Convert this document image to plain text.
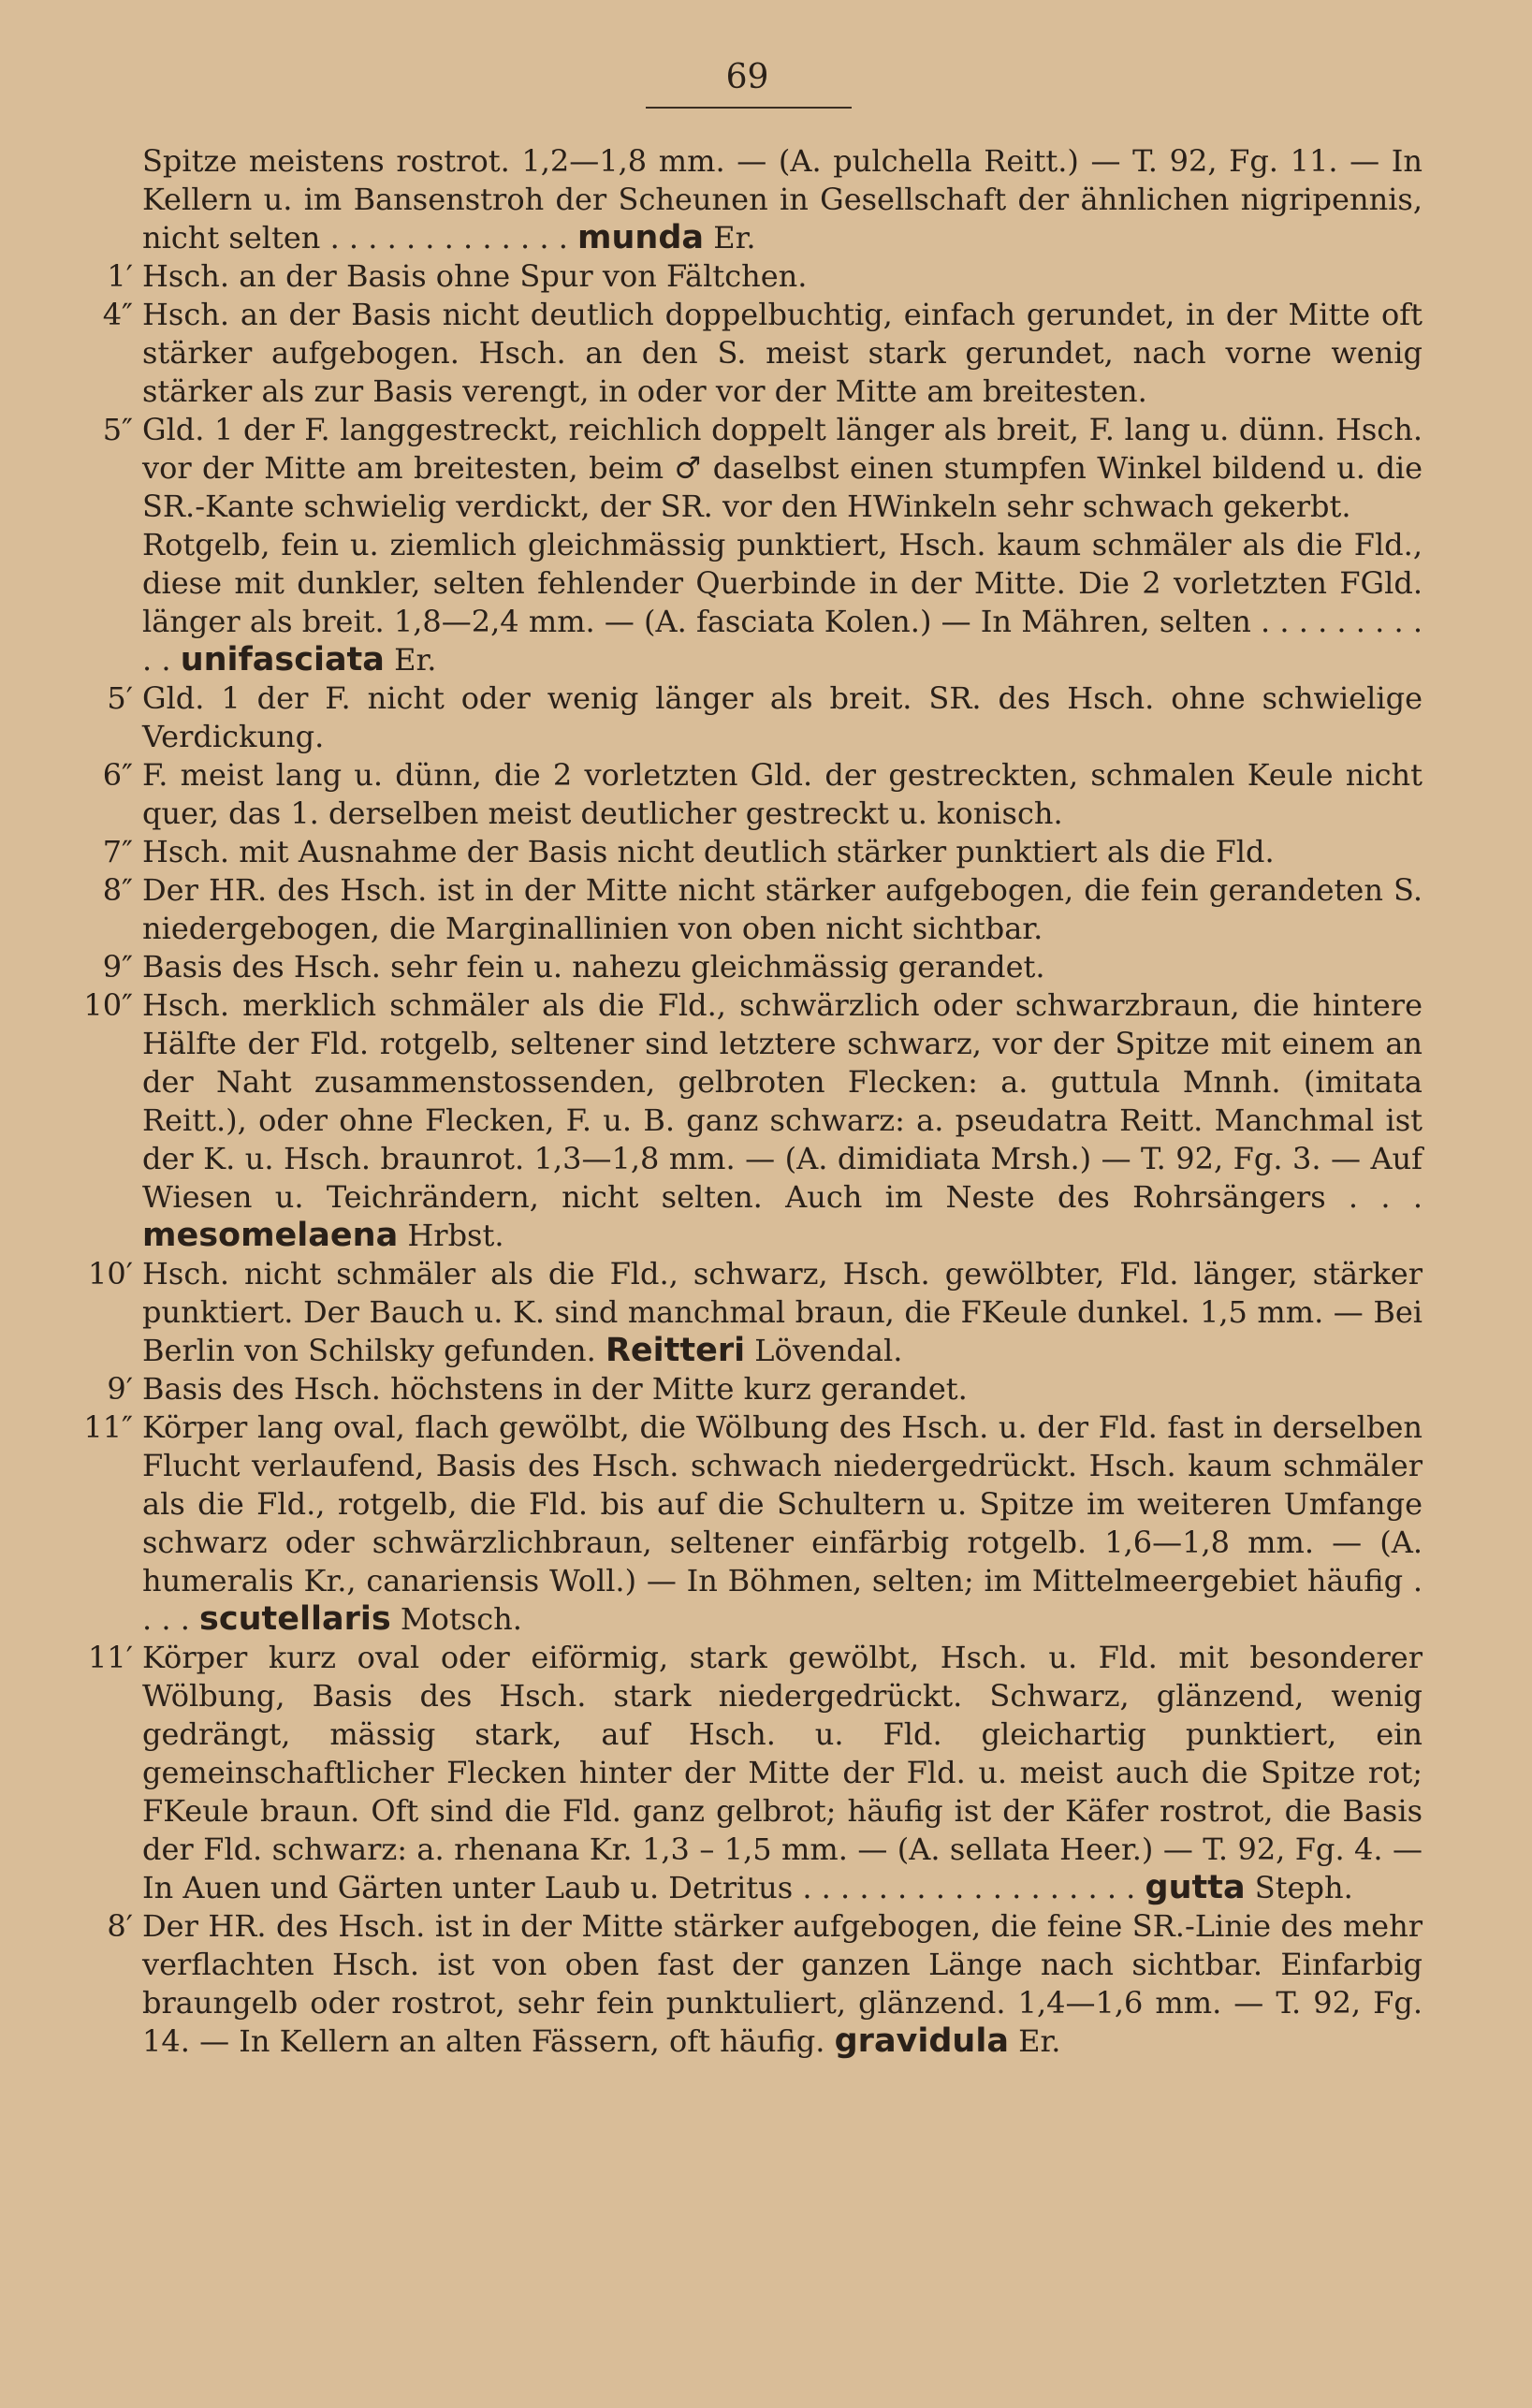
69
Spitze meistens rostrot. 1,2—1,8 mm. — (A. pulchella Reitt.) — T. 92, Fg. 11. — In Kellern u. im Bansenstroh der Scheunen in Gesellschaft der ähnlichen nigripennis, nicht selten . . . . . . . . . . . . . munda Er.
1′ Hsch. an der Basis ohne Spur von Fältchen.
4″ Hsch. an der Basis nicht deutlich doppelbuchtig, einfach gerundet, in der Mitte oft stärker aufgebogen. Hsch. an den S. meist stark gerundet, nach vorne wenig stärker als zur Basis verengt, in oder vor der Mitte am breitesten.
5″ Gld. 1 der F. langgestreckt, reichlich doppelt länger als breit, F. lang u. dünn. Hsch. vor der Mitte am breitesten, beim ♂ daselbst einen stumpfen Winkel bildend u. die SR.-Kante schwielig verdickt, der SR. vor den HWinkeln sehr schwach gekerbt.
Rotgelb, fein u. ziemlich gleichmässig punktiert, Hsch. kaum schmäler als die Fld., diese mit dunkler, selten fehlender Querbinde in der Mitte. Die 2 vorletzten FGld. länger als breit. 1,8—2,4 mm. — (A. fasciata Kolen.) — In Mähren, selten . . . . . . . . . . . unifasciata Er.
5′ Gld. 1 der F. nicht oder wenig länger als breit. SR. des Hsch. ohne schwielige Verdickung.
6″ F. meist lang u. dünn, die 2 vorletzten Gld. der gestreckten, schmalen Keule nicht quer, das 1. derselben meist deutlicher gestreckt u. konisch.
7″ Hsch. mit Ausnahme der Basis nicht deutlich stärker punktiert als die Fld.
8″ Der HR. des Hsch. ist in der Mitte nicht stärker aufgebogen, die fein gerandeten S. niedergebogen, die Marginallinien von oben nicht sichtbar.
9″ Basis des Hsch. sehr fein u. nahezu gleichmässig gerandet.
10″ Hsch. merklich schmäler als die Fld., schwärzlich oder schwarzbraun, die hintere Hälfte der Fld. rotgelb, seltener sind letztere schwarz, vor der Spitze mit einem an der Naht zusammenstossenden, gelbroten Flecken: a. guttula Mnnh. (imitata Reitt.), oder ohne Flecken, F. u. B. ganz schwarz: a. pseudatra Reitt. Manchmal ist der K. u. Hsch. braunrot. 1,3—1,8 mm. — (A. dimidiata Mrsh.) — T. 92, Fg. 3. — Auf Wiesen u. Teichrändern, nicht selten. Auch im Neste des Rohrsängers . . . mesomelaena Hrbst.
10′ Hsch. nicht schmäler als die Fld., schwarz, Hsch. gewölbter, Fld. länger, stärker punktiert. Der Bauch u. K. sind manchmal braun, die FKeule dunkel. 1,5 mm. — Bei Berlin von Schilsky gefunden. Reitteri Lövendal.
9′ Basis des Hsch. höchstens in der Mitte kurz gerandet.
11″ Körper lang oval, flach gewölbt, die Wölbung des Hsch. u. der Fld. fast in derselben Flucht verlaufend, Basis des Hsch. schwach niedergedrückt. Hsch. kaum schmäler als die Fld., rotgelb, die Fld. bis auf die Schultern u. Spitze im weiteren Umfange schwarz oder schwärzlichbraun, seltener einfärbig rotgelb. 1,6—1,8 mm. — (A. humeralis Kr., canariensis Woll.) — In Böhmen, selten; im Mittelmeergebiet häufig . . . . scutellaris Motsch.
11′ Körper kurz oval oder eiförmig, stark gewölbt, Hsch. u. Fld. mit besonderer Wölbung, Basis des Hsch. stark niedergedrückt. Schwarz, glänzend, wenig gedrängt, mässig stark, auf Hsch. u. Fld. gleichartig punktiert, ein gemeinschaftlicher Flecken hinter der Mitte der Fld. u. meist auch die Spitze rot; FKeule braun. Oft sind die Fld. ganz gelbrot; häufig ist der Käfer rostrot, die Basis der Fld. schwarz: a. rhenana Kr. 1,3 – 1,5 mm. — (A. sellata Heer.) — T. 92, Fg. 4. — In Auen und Gärten unter Laub u. Detritus . . . . . . . . . . . . . . . . . . gutta Steph.
8′ Der HR. des Hsch. ist in der Mitte stärker aufgebogen, die feine SR.-Linie des mehr verflachten Hsch. ist von oben fast der ganzen Länge nach sichtbar. Einfarbig braungelb oder rostrot, sehr fein punktuliert, glänzend. 1,4—1,6 mm. — T. 92, Fg. 14. — In Kellern an alten Fässern, oft häufig. gravidula Er.
